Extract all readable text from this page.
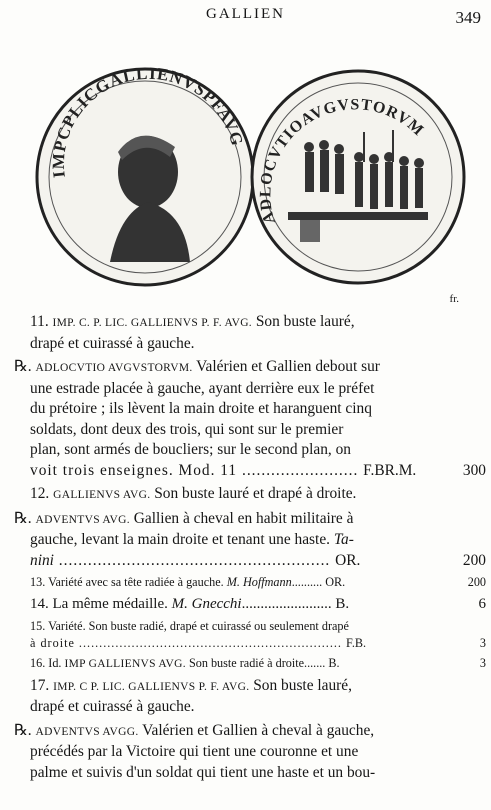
GALLIEN	349
IMPCPLICGALLIENVSPFAVG
ADLOCVTIOAVGVSTORVM
fr.

11. IMP. C. P. LIC. GALLIENVS P. F. AVG. Son buste lauré,

drapé et cuirassé à gauche.

℞. ADLOCVTIO AVGVSTORVM. Valérien et Gallien debout sur

une estrade placée à gauche, ayant derrière eux le préfet

du prétoire ; ils lèvent la main droite et haranguent cinq

soldats, dont deux des trois, qui sont sur le premier

plan, sont armés de boucliers; sur le second plan, on

voit trois enseignes. Mod. 11 ........................ F.BR.M.	300

12. GALLIENVS AVG. Son buste lauré et drapé à droite.

℞. ADVENTVS AVG. Gallien à cheval en habit militaire à

gauche, levant la main droite et tenant une haste. Ta-

nini ........................................................ OR.	200

13. Variété avec sa tête radiée à gauche. M. Hoffmann.......... OR.	200

14. La même médaille. M. Gnecchi........................ B.	6

15. Variété. Son buste radié, drapé et cuirassé ou seulement drapé

à droite ................................................................. F.B.	3

16. Id. IMP GALLIENVS AVG. Son buste radié à droite....... B.	3

17. IMP. C P. LIC. GALLIENVS P. F. AVG. Son buste lauré,

drapé et cuirassé à gauche.

℞. ADVENTVS AVGG. Valérien et Gallien à cheval à gauche,

précédés par la Victoire qui tient une couronne et une

palme et suivis d'un soldat qui tient une haste et un bou-
